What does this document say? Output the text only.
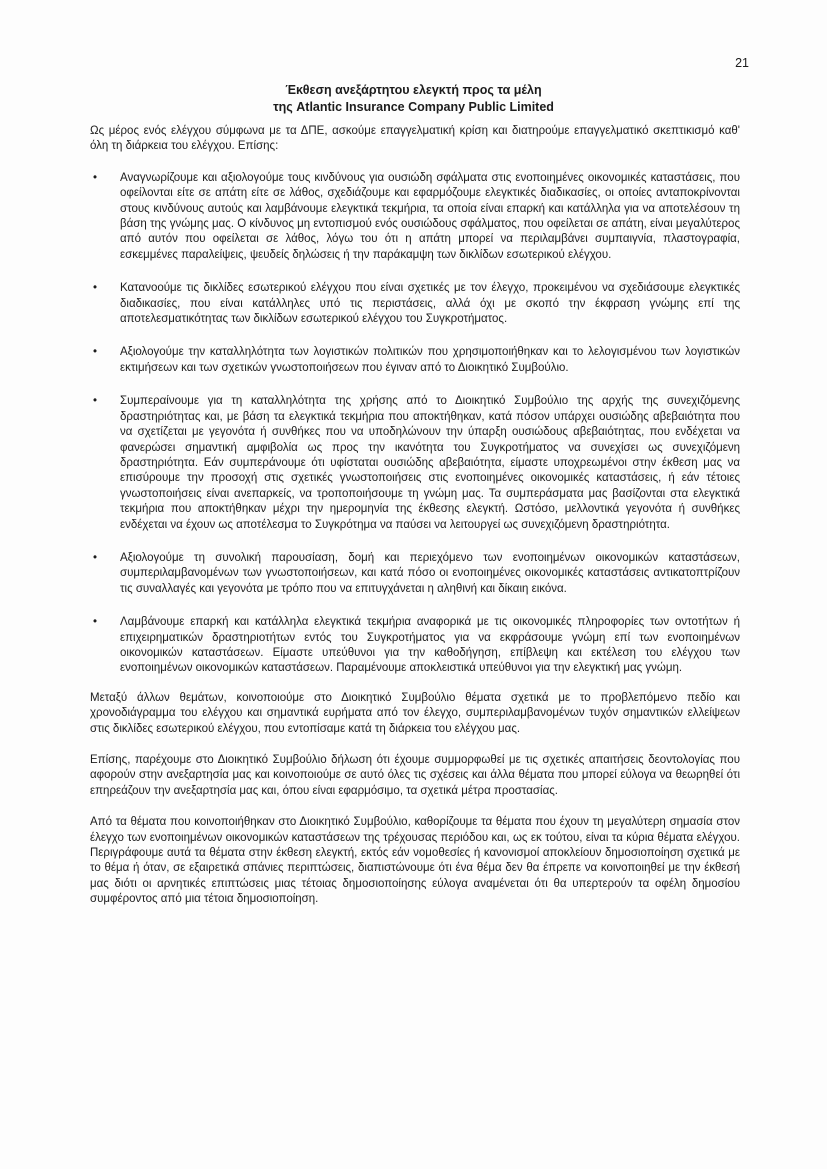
21
Έκθεση ανεξάρτητου ελεγκτή προς τα μέλη
της Atlantic Insurance Company Public Limited

Ως μέρος ενός ελέγχου σύμφωνα με τα ΔΠΕ, ασκούμε επαγγελματική κρίση και διατηρούμε επαγγελματικό σκεπτικισμό καθ' όλη τη διάρκεια του ελέγχου. Επίσης:

• Αναγνωρίζουμε και αξιολογούμε τους κινδύνους για ουσιώδη σφάλματα στις ενοποιημένες οικονομικές καταστάσεις, που οφείλονται είτε σε απάτη είτε σε λάθος, σχεδιάζουμε και εφαρμόζουμε ελεγκτικές διαδικασίες, οι οποίες ανταποκρίνονται στους κινδύνους αυτούς και λαμβάνουμε ελεγκτικά τεκμήρια, τα οποία είναι επαρκή και κατάλληλα για να αποτελέσουν τη βάση της γνώμης μας. Ο κίνδυνος μη εντοπισμού ενός ουσιώδους σφάλματος, που οφείλεται σε απάτη, είναι μεγαλύτερος από αυτόν που οφείλεται σε λάθος, λόγω του ότι η απάτη μπορεί να περιλαμβάνει συμπαιγνία, πλαστογραφία, εσκεμμένες παραλείψεις, ψευδείς δηλώσεις ή την παράκαμψη των δικλίδων εσωτερικού ελέγχου.
• Κατανοούμε τις δικλίδες εσωτερικού ελέγχου που είναι σχετικές με τον έλεγχο, προκειμένου να σχεδιάσουμε ελεγκτικές διαδικασίες, που είναι κατάλληλες υπό τις περιστάσεις, αλλά όχι με σκοπό την έκφραση γνώμης επί της αποτελεσματικότητας των δικλίδων εσωτερικού ελέγχου του Συγκροτήματος.
• Αξιολογούμε την καταλληλότητα των λογιστικών πολιτικών που χρησιμοποιήθηκαν και το λελογισμένου των λογιστικών εκτιμήσεων και των σχετικών γνωστοποιήσεων που έγιναν από το Διοικητικό Συμβούλιο.
• Συμπεραίνουμε για τη καταλληλότητα της χρήσης από το Διοικητικό Συμβούλιο της αρχής της συνεχιζόμενης δραστηριότητας και, με βάση τα ελεγκτικά τεκμήρια που αποκτήθηκαν, κατά πόσον υπάρχει ουσιώδης αβεβαιότητα που να σχετίζεται με γεγονότα ή συνθήκες που να υποδηλώνουν την ύπαρξη ουσιώδους αβεβαιότητας, που ενδέχεται να φανερώσει σημαντική αμφιβολία ως προς την ικανότητα του Συγκροτήματος να συνεχίσει ως συνεχιζόμενη δραστηριότητα. Εάν συμπεράνουμε ότι υφίσταται ουσιώδης αβεβαιότητα, είμαστε υποχρεωμένοι στην έκθεση μας να επισύρουμε την προσοχή στις σχετικές γνωστοποιήσεις στις ενοποιημένες οικονομικές καταστάσεις, ή εάν τέτοιες γνωστοποιήσεις είναι ανεπαρκείς, να τροποποιήσουμε τη γνώμη μας. Τα συμπεράσματα μας βασίζονται στα ελεγκτικά τεκμήρια που αποκτήθηκαν μέχρι την ημερομηνία της έκθεσης ελεγκτή. Ωστόσο, μελλοντικά γεγονότα ή συνθήκες ενδέχεται να έχουν ως αποτέλεσμα το Συγκρότημα να παύσει να λειτουργεί ως συνεχιζόμενη δραστηριότητα.
• Αξιολογούμε τη συνολική παρουσίαση, δομή και περιεχόμενο των ενοποιημένων οικονομικών καταστάσεων, συμπεριλαμβανομένων των γνωστοποιήσεων, και κατά πόσο οι ενοποιημένες οικονομικές καταστάσεις αντικατοπτρίζουν τις συναλλαγές και γεγονότα με τρόπο που να επιτυγχάνεται η αληθινή και δίκαιη εικόνα.
• Λαμβάνουμε επαρκή και κατάλληλα ελεγκτικά τεκμήρια αναφορικά με τις οικονομικές πληροφορίες των οντοτήτων ή επιχειρηματικών δραστηριοτήτων εντός του Συγκροτήματος για να εκφράσουμε γνώμη επί των ενοποιημένων οικονομικών καταστάσεων. Είμαστε υπεύθυνοι για την καθοδήγηση, επίβλεψη και εκτέλεση του ελέγχου των ενοποιημένων οικονομικών καταστάσεων. Παραμένουμε αποκλειστικά υπεύθυνοι για την ελεγκτική μας γνώμη.

Μεταξύ άλλων θεμάτων, κοινοποιούμε στο Διοικητικό Συμβούλιο θέματα σχετικά με το προβλεπόμενο πεδίο και χρονοδιάγραμμα του ελέγχου και σημαντικά ευρήματα από τον έλεγχο, συμπεριλαμβανομένων τυχόν σημαντικών ελλείψεων στις δικλίδες εσωτερικού ελέγχου, που εντοπίσαμε κατά τη διάρκεια του ελέγχου μας.

Επίσης, παρέχουμε στο Διοικητικό Συμβούλιο δήλωση ότι έχουμε συμμορφωθεί με τις σχετικές απαιτήσεις δεοντολογίας που αφορούν στην ανεξαρτησία μας και κοινοποιούμε σε αυτό όλες τις σχέσεις και άλλα θέματα που μπορεί εύλογα να θεωρηθεί ότι επηρεάζουν την ανεξαρτησία μας και, όπου είναι εφαρμόσιμο, τα σχετικά μέτρα προστασίας.

Από τα θέματα που κοινοποιήθηκαν στο Διοικητικό Συμβούλιο, καθορίζουμε τα θέματα που έχουν τη μεγαλύτερη σημασία στον έλεγχο των ενοποιημένων οικονομικών καταστάσεων της τρέχουσας περιόδου και, ως εκ τούτου, είναι τα κύρια θέματα ελέγχου. Περιγράφουμε αυτά τα θέματα στην έκθεση ελεγκτή, εκτός εάν νομοθεσίες ή κανονισμοί αποκλείουν δημοσιοποίηση σχετικά με το θέμα ή όταν, σε εξαιρετικά σπάνιες περιπτώσεις, διαπιστώνουμε ότι ένα θέμα δεν θα έπρεπε να κοινοποιηθεί με την έκθεσή μας διότι οι αρνητικές επιπτώσεις μιας τέτοιας δημοσιοποίησης εύλογα αναμένεται ότι θα υπερτερούν τα οφέλη δημοσίου συμφέροντος από μια τέτοια δημοσιοποίηση.
